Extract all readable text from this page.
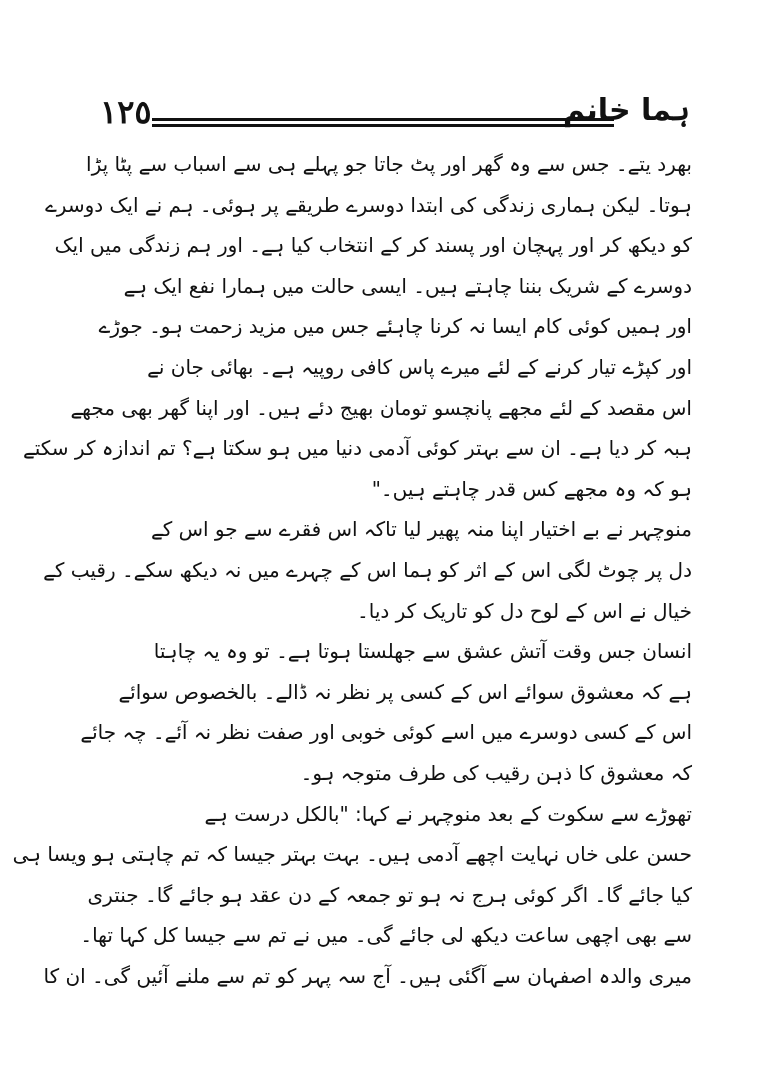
١٢٥	ہما خانم
بھرد یتے۔ جس سے وہ گھر اور پٹ جاتا جو پہلے ہی سے اسباب سے پٹا پڑا
ہوتا۔ لیکن ہماری زندگی کی ابتدا دوسرے طریقے پر ہوئی۔ ہم نے ایک دوسرے
کو دیکھ کر اور پہچان اور پسند کر کے انتخاب کیا ہے۔ اور ہم زندگی میں ایک
دوسرے کے شریک بننا چاہتے ہیں۔ ایسی حالت میں ہمارا نفع ایک ہے
اور ہمیں کوئی کام ایسا نہ کرنا چاہئے جس میں مزید زحمت ہو۔ جوڑے
اور کپڑے تیار کرنے کے لئے میرے پاس کافی روپیہ ہے۔ بھائی جان نے
اس مقصد کے لئے مجھے پانچسو تومان بھیج دئے ہیں۔ اور اپنا گھر بھی مجھے
ہبہ کر دیا ہے۔ ان سے بہتر کوئی آدمی دنیا میں ہو سکتا ہے؟ تم اندازہ کر سکتے
ہو کہ وہ مجھے کس قدر چاہتے ہیں۔"
منوچہر نے بے اختیار اپنا منہ پھیر لیا تاکہ اس فقرے سے جو اس کے
دل پر چوٹ لگی اس کے اثر کو ہما اس کے چہرے میں نہ دیکھ سکے۔ رقیب کے
خیال نے اس کے لوح دل کو تاریک کر دیا۔
انسان جس وقت آتش عشق سے جھلستا ہوتا ہے۔ تو وہ یہ چاہتا
ہے کہ معشوق سوائے اس کے کسی پر نظر نہ ڈالے۔ بالخصوص سوائے
اس کے کسی دوسرے میں اسے کوئی خوبی اور صفت نظر نہ آئے۔ چہ جائے
کہ معشوق کا ذہن رقیب کی طرف متوجہ ہو۔
تھوڑے سے سکوت کے بعد منوچہر نے کہا: "بالکل درست ہے
حسن علی خاں نہایت اچھے آدمی ہیں۔ بہت بہتر جیسا کہ تم چاہتی ہو ویسا ہی
کیا جائے گا۔ اگر کوئی ہرج نہ ہو تو جمعہ کے دن عقد ہو جائے گا۔ جنتری
سے بھی اچھی ساعت دیکھ لی جائے گی۔ میں نے تم سے جیسا کل کہا تھا۔
میری والدہ اصفہان سے آگئی ہیں۔ آج سہ پہر کو تم سے ملنے آئیں گی۔ ان کا
